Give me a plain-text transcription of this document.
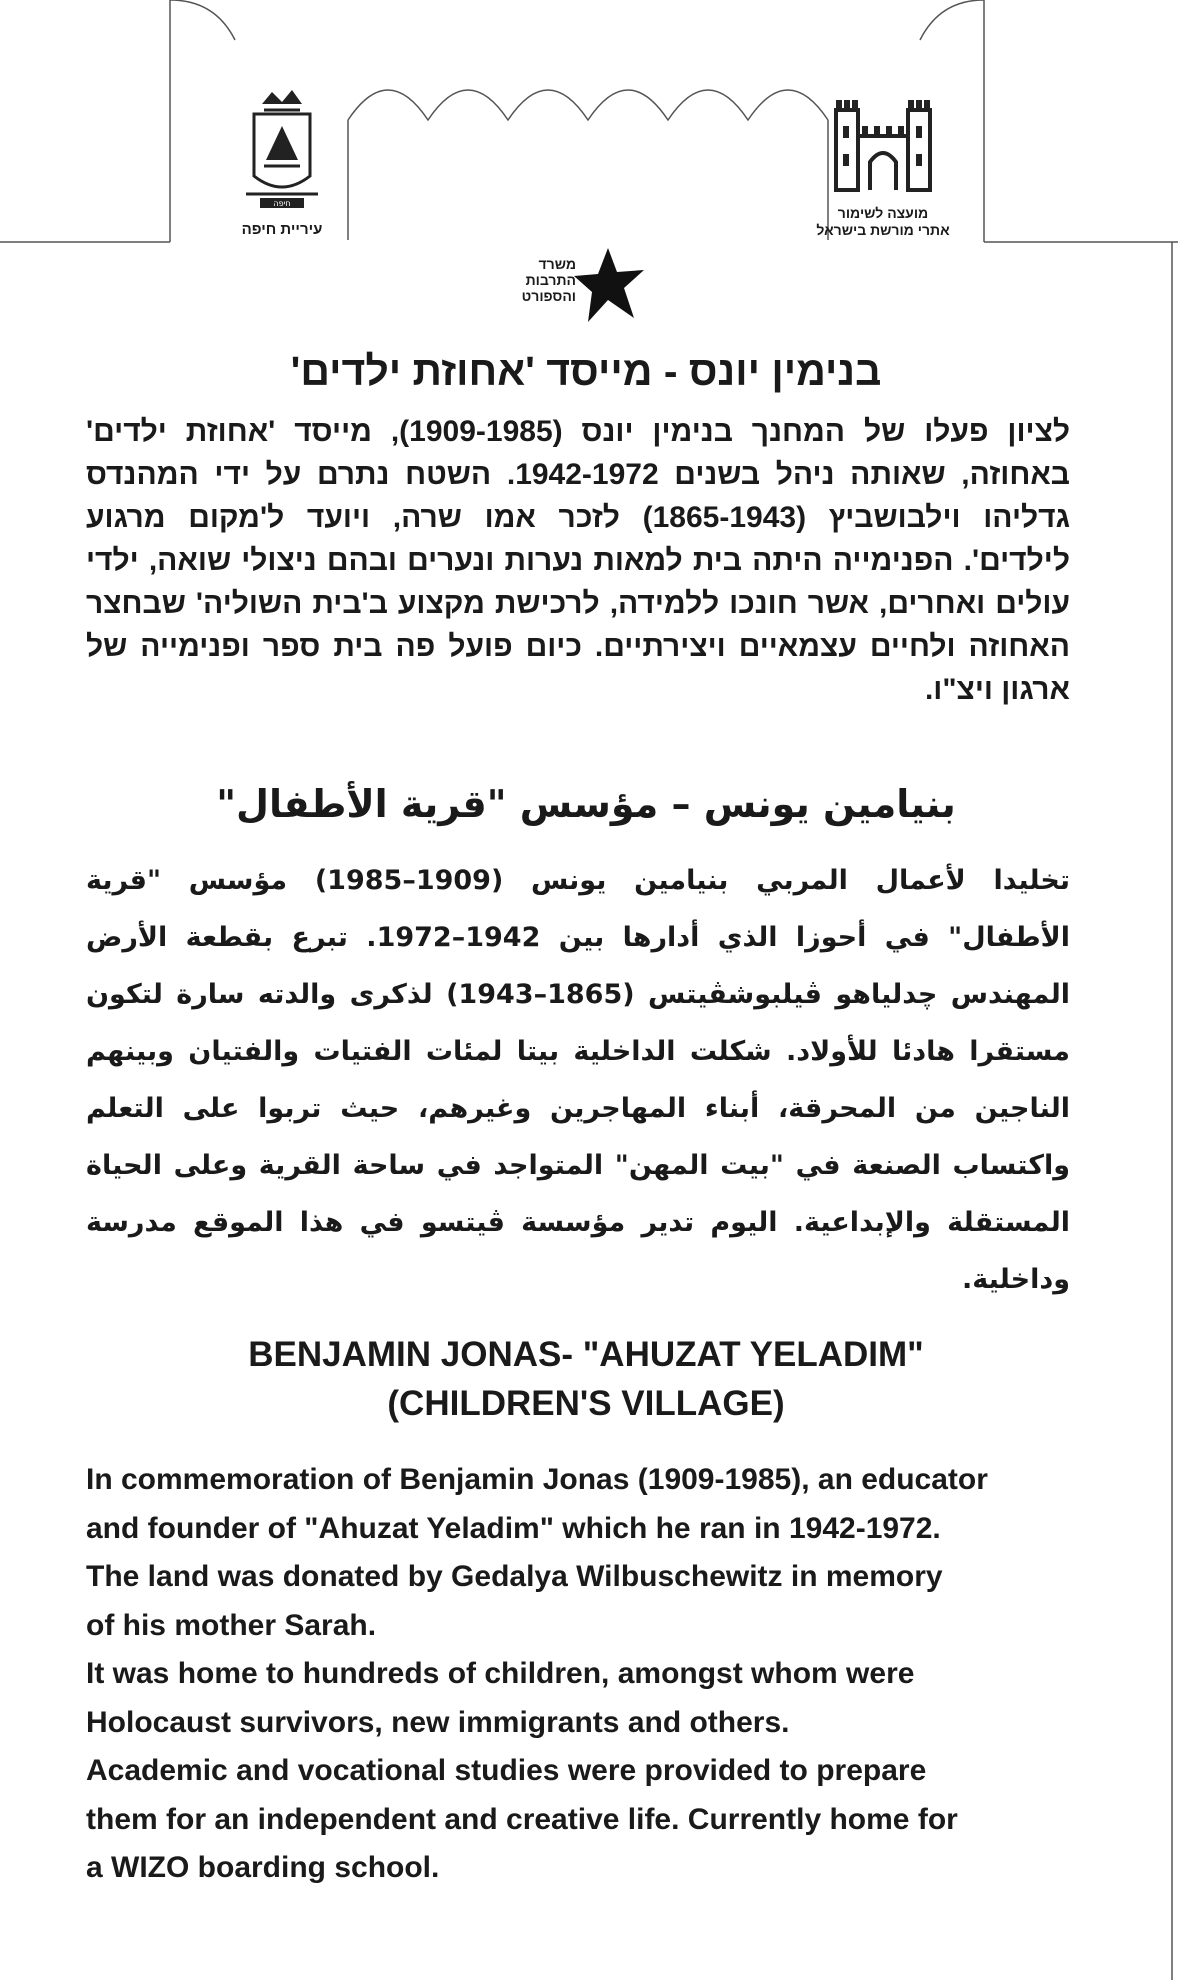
חיפה
עיריית חיפה
מועצה לשימור
אתרי מורשת בישראל
משרד
התרבות
והספורט
בנימין יונס - מייסד 'אחוזת ילדים'

לציון פעלו של המחנך בנימין יונס (1909-1985), מייסד 'אחוזת ילדים' באחוזה, שאותה ניהל בשנים 1942-1972. השטח נתרם על ידי המהנדס גדליהו וילבושביץ (1865-1943) לזכר אמו שרה, ויועד ל'מקום מרגוע לילדים'. הפנימייה היתה בית למאות נערות ונערים ובהם ניצולי שואה, ילדי עולים ואחרים, אשר חונכו ללמידה, לרכישת מקצוע ב'בית השוליה' שבחצר האחוזה ולחיים עצמאיים ויצירתיים. כיום פועל פה בית ספר ופנימייה של ארגון ויצ"ו.

بنيامين يونس – مؤسس "قرية الأطفال"

تخليدا لأعمال المربي بنيامين يونس (1909–1985) مؤسس "قرية الأطفال" في أحوزا الذي أدارها بين 1942–1972. تبرع بقطعة الأرض المهندس چدلياهو ڤيلبوشڤيتس (1865–1943) لذكرى والدته سارة لتكون مستقرا هادئا للأولاد. شكلت الداخلية بيتا لمئات الفتيات والفتيان وبينهم الناجين من المحرقة، أبناء المهاجرين وغيرهم، حيث تربوا على التعلم واكتساب الصنعة في "بيت المهن" المتواجد في ساحة القرية وعلى الحياة المستقلة والإبداعية. اليوم تدير مؤسسة ڤيتسو في هذا الموقع مدرسة وداخلية.

BENJAMIN JONAS- "AHUZAT YELADIM"
(CHILDREN'S VILLAGE)

In commemoration of Benjamin Jonas (1909-1985), an educator
and founder of "Ahuzat Yeladim" which he ran in 1942-1972.
The land was donated by Gedalya Wilbuschewitz in memory
of his mother Sarah.
It was home to hundreds of children, amongst whom were
Holocaust survivors, new immigrants and others.
Academic and vocational studies were provided to prepare
them for an independent and creative life. Currently home for
a WIZO boarding school.
